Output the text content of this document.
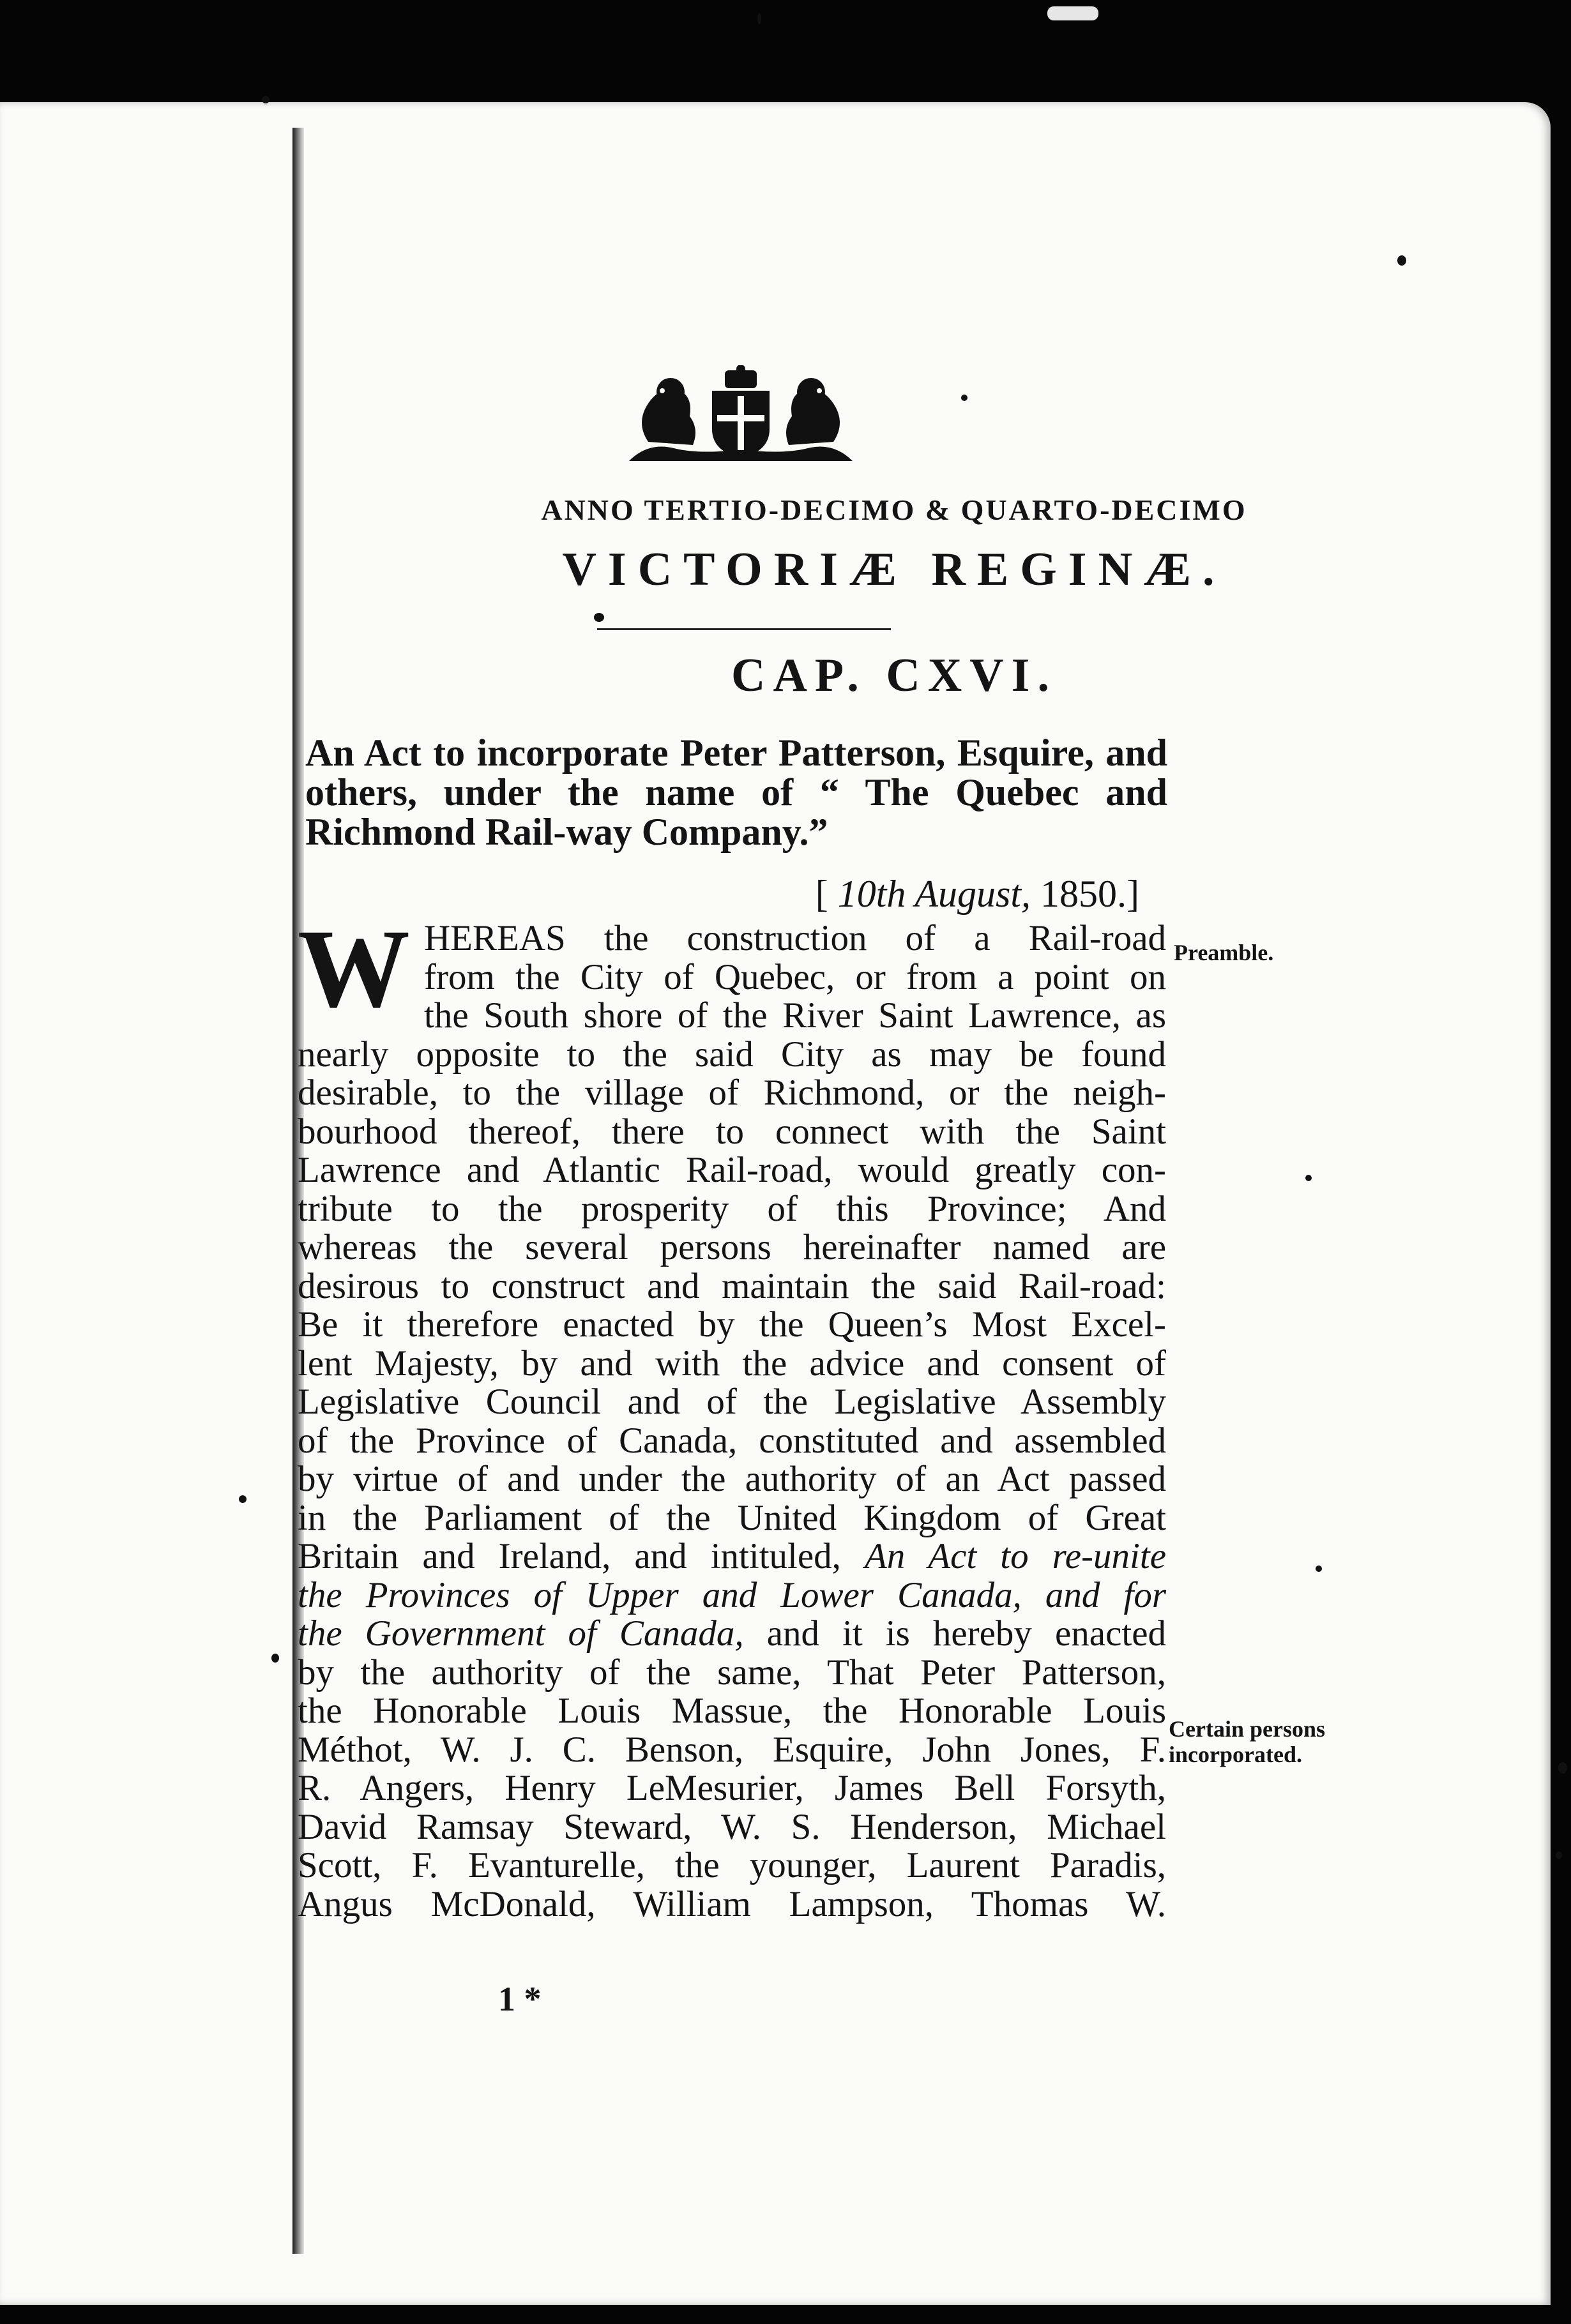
ANNO TERTIO-DECIMO & QUARTO-DECIMO
VICTORIÆ REGINÆ.
CAP. CXVI.
An Act to incorporate Peter Patterson, Esquire, and others, under the name of “ The Quebec and Richmond Rail-way Company.”
[ 10th August, 1850.]
W HEREAS the construction of a Rail-road
from the City of Quebec, or from a point on
the South shore of the River Saint Lawrence, as
nearly opposite to the said City as may be found
desirable, to the village of Richmond, or the neigh-
bourhood thereof, there to connect with the Saint
Lawrence and Atlantic Rail-road, would greatly con-
tribute to the prosperity of this Province; And
whereas the several persons hereinafter named are
desirous to construct and maintain the said Rail-road:
Be it therefore enacted by the Queen’s Most Excel-
lent Majesty, by and with the advice and consent of
Legislative Council and of the Legislative Assembly
of the Province of Canada, constituted and assembled
by virtue of and under the authority of an Act passed
in the Parliament of the United Kingdom of Great
Britain and Ireland, and intituled, An Act to re-unite
the Provinces of Upper and Lower Canada, and for
the Government of Canada, and it is hereby enacted
by the authority of the same, That Peter Patterson,
the Honorable Louis Massue, the Honorable Louis
Méthot, W. J. C. Benson, Esquire, John Jones, F.
R. Angers, Henry LeMesurier, James Bell Forsyth,
David Ramsay Steward, W. S. Henderson, Michael
Scott, F. Evanturelle, the younger, Laurent Paradis,
Angus McDonald, William Lampson, Thomas W.
Preamble.
Certain persons
incorporated.
1 *
